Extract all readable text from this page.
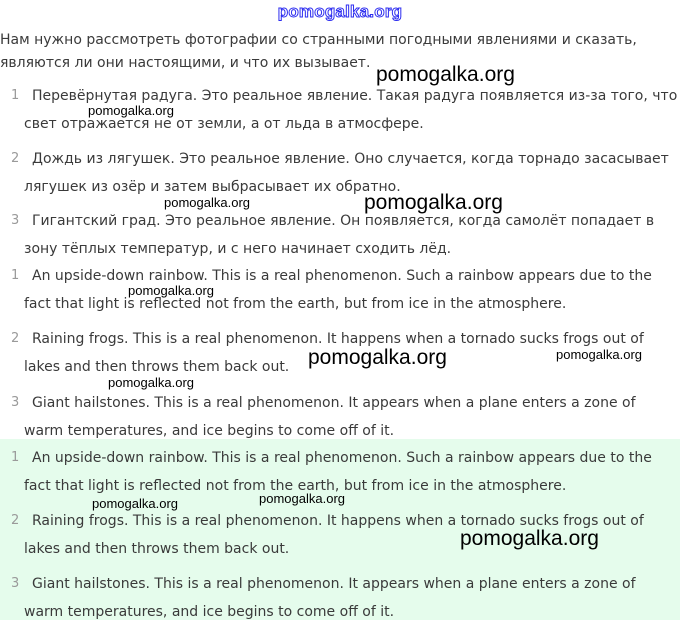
pomogalka.org
Нам нужно рассмотреть фотографии со странными погодными явлениями и сказать, являются ли они настоящими, и что их вызывает.
1 Перевёрнутая радуга. Это реальное явление. Такая радуга появляется из-за того, что
свет отражается не от земли, а от льда в атмосфере.
2 Дождь из лягушек. Это реальное явление. Оно случается, когда торнадо засасывает
лягушек из озёр и затем выбрасывает их обратно.
3 Гигантский град. Это реальное явление. Он появляется, когда самолёт попадает в
зону тёплых температур, и с него начинает сходить лёд.
1 An upside-down rainbow. This is a real phenomenon. Such a rainbow appears due to the
fact that light is reflected not from the earth, but from ice in the atmosphere.
2 Raining frogs. This is a real phenomenon. It happens when a tornado sucks frogs out of
lakes and then throws them back out.
3 Giant hailstones. This is a real phenomenon. It appears when a plane enters a zone of
warm temperatures, and ice begins to come off of it.
1 An upside-down rainbow. This is a real phenomenon. Such a rainbow appears due to the
fact that light is reflected not from the earth, but from ice in the atmosphere.
2 Raining frogs. This is a real phenomenon. It happens when a tornado sucks frogs out of
lakes and then throws them back out.
3 Giant hailstones. This is a real phenomenon. It appears when a plane enters a zone of
warm temperatures, and ice begins to come off of it.
pomogalka.org
pomogalka.org
pomogalka.org	pomogalka.org
pomogalka.org
pomogalka.org	pomogalka.org
pomogalka.org
pomogalka.org
pomogalka.org
pomogalka.org
